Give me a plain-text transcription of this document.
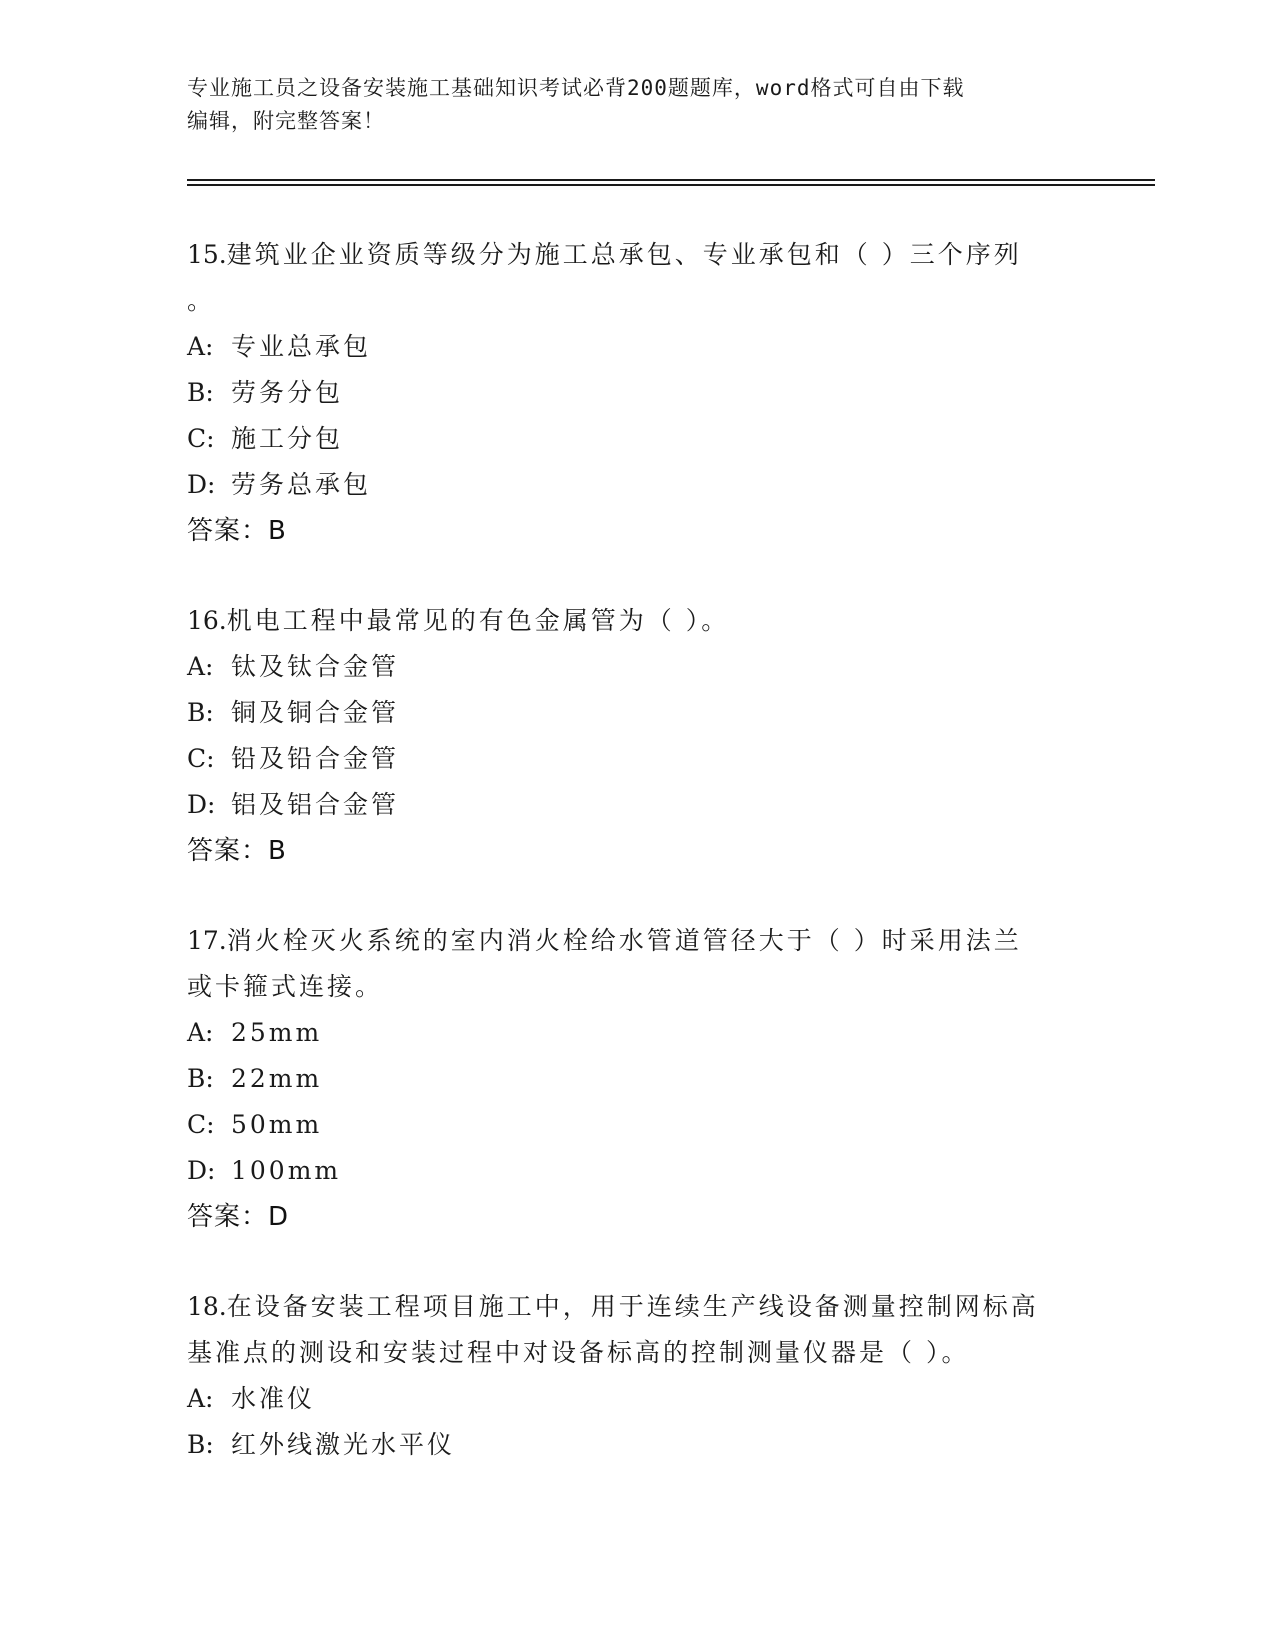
专业施工员之设备安装施工基础知识考试必背200题题库，word格式可自由下载
编辑，附完整答案！
15.建筑业企业资质等级分为施工总承包、专业承包和（ ）三个序列
。
A: 专业总承包
B: 劳务分包
C: 施工分包
D: 劳务总承包
答案：B
16.机电工程中最常见的有色金属管为（ ）。
A: 钛及钛合金管
B: 铜及铜合金管
C: 铅及铅合金管
D: 铝及铝合金管
答案：B
17.消火栓灭火系统的室内消火栓给水管道管径大于（ ）时采用法兰
或卡箍式连接。
A: 25mm
B: 22mm
C: 50mm
D: 100mm
答案：D
18.在设备安装工程项目施工中，用于连续生产线设备测量控制网标高
基准点的测设和安装过程中对设备标高的控制测量仪器是（ ）。
A: 水准仪
B: 红外线激光水平仪
